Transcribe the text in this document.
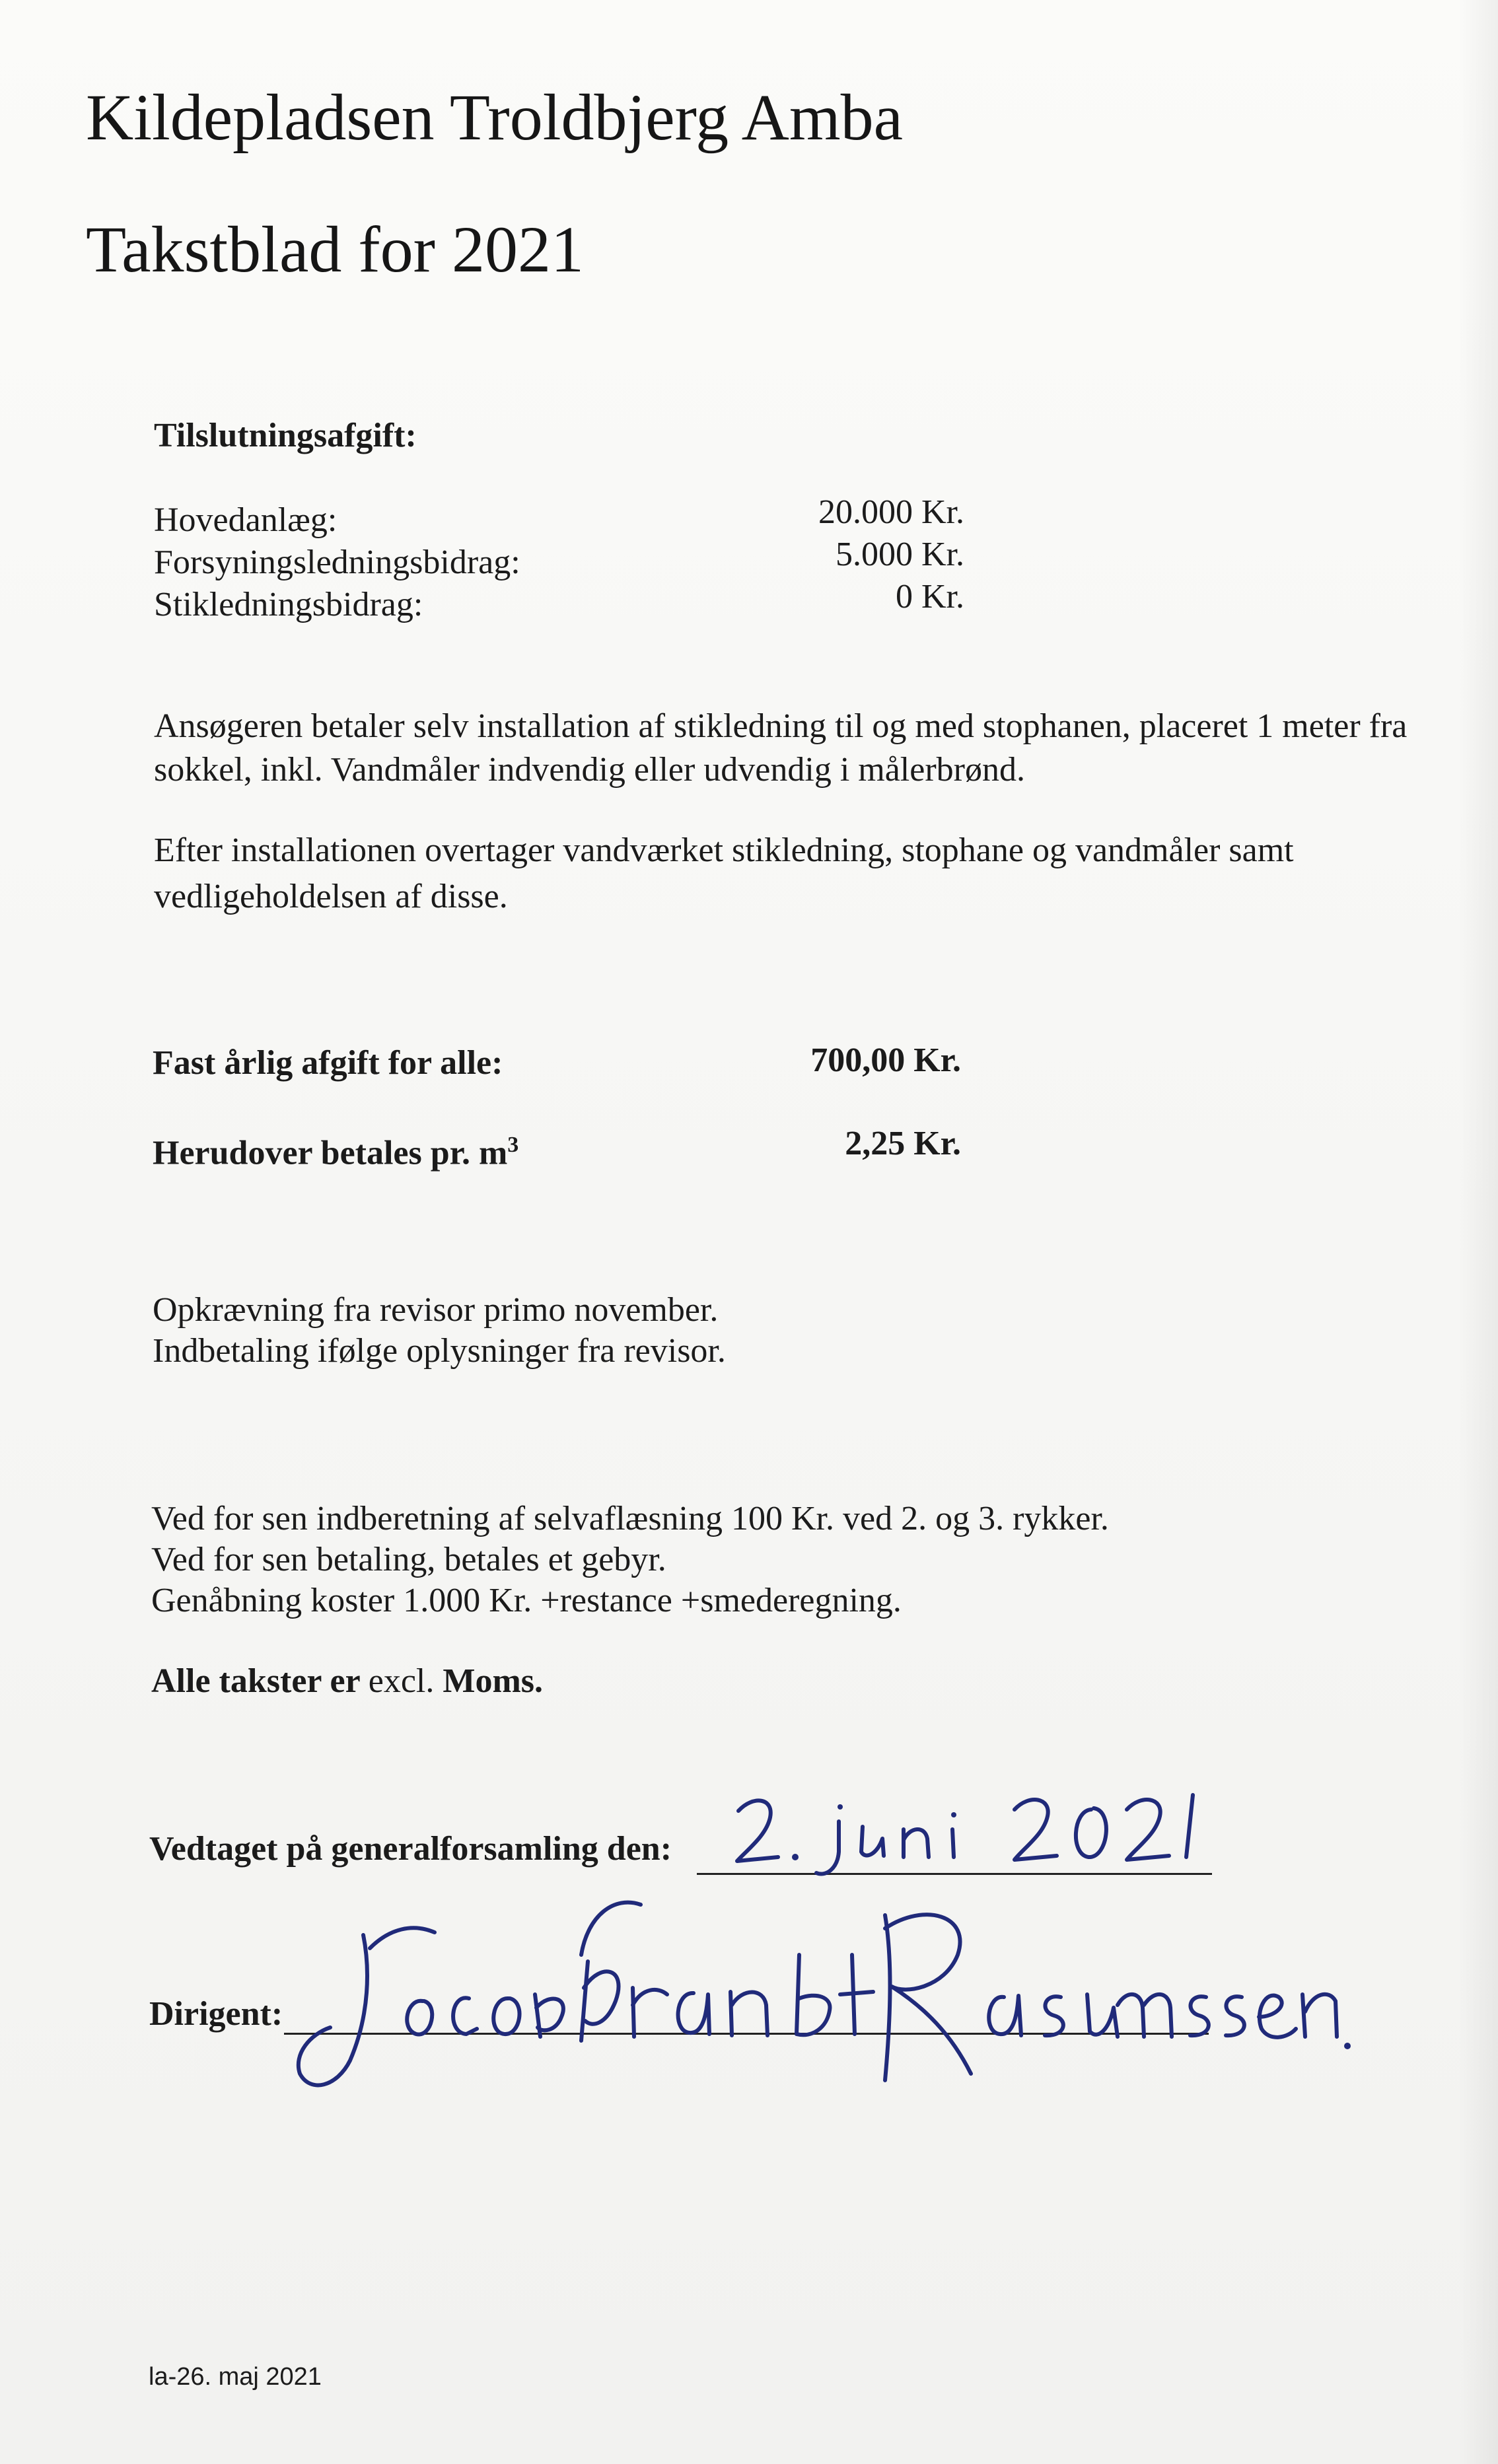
Kildepladsen Troldbjerg Amba
Takstblad for 2021
Tilslutningsafgift:
Hovedanlæg:	20.000 Kr.
Forsyningsledningsbidrag:	5.000 Kr.
Stikledningsbidrag:	0 Kr.
Ansøgeren betaler selv installation af stikledning til og med stophanen, placeret 1 meter fra
sokkel, inkl. Vandmåler indvendig eller udvendig i målerbrønd.
Efter installationen overtager vandværket stikledning, stophane og vandmåler samt
vedligeholdelsen af disse.
Fast årlig afgift for alle:	700,00 Kr.
Herudover betales pr. $m^3$	2,25 Kr.
Opkrævning fra revisor primo november.
Indbetaling ifølge oplysninger fra revisor.
Ved for sen indberetning af selvaflæsning 100 Kr. ved 2. og 3. rykker.
Ved for sen betaling, betales et gebyr.
Genåbning koster 1.000 Kr. +restance +smederegning.
Alle takster er excl. Moms.
Vedtaget på generalforsamling den:
Dirigent:
la-26. maj 2021
